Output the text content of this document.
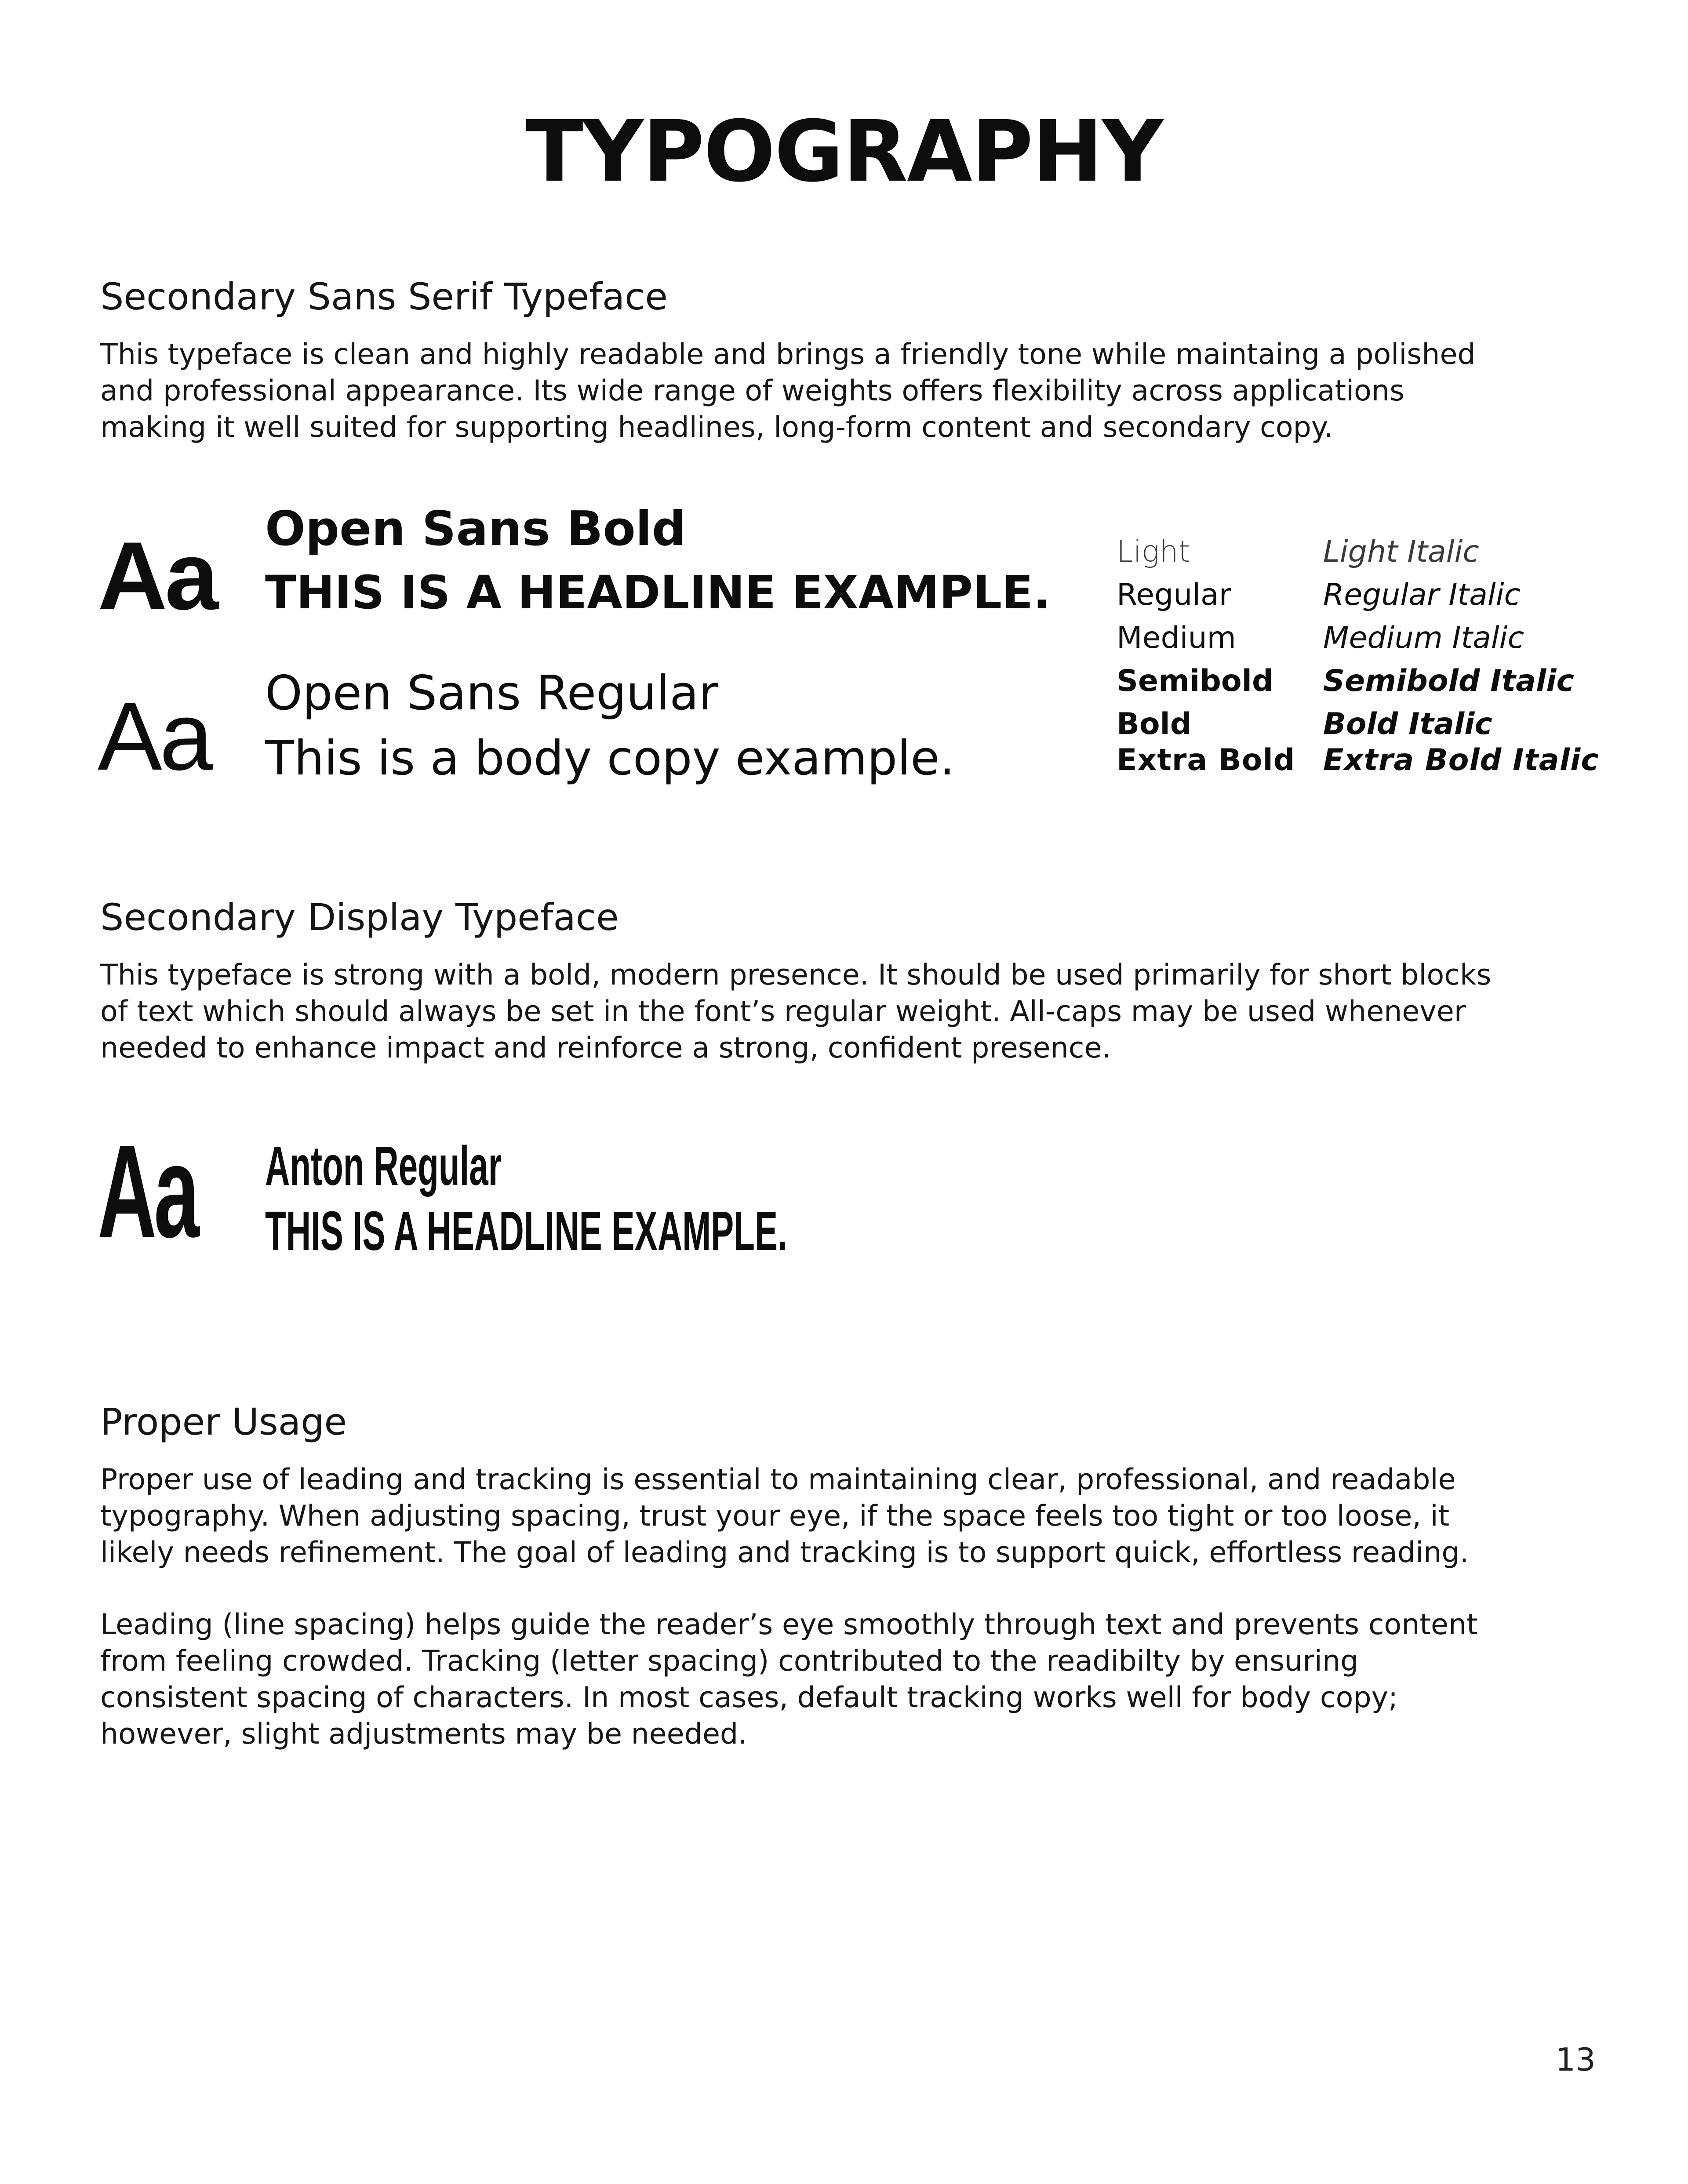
TYPOGRAPHY
Secondary Sans Serif Typeface
This typeface is clean and highly readable and brings a friendly tone while maintaing a polished
and professional appearance. Its wide range of weights offers flexibility across applications
making it well suited for supporting headlines, long-form content and secondary copy.
Aa Open Sans Bold
THIS IS A HEADLINE EXAMPLE.
Aa Open Sans Regular
This is a body copy example.
Light
Regular
Medium
Semibold
Bold
Extra Bold
Light Italic
Regular Italic
Medium Italic
Semibold Italic
Bold Italic
Extra Bold Italic
Secondary Display Typeface
This typeface is strong with a bold, modern presence. It should be used primarily for short blocks
of text which should always be set in the font’s regular weight. All-caps may be used whenever
needed to enhance impact and reinforce a strong, confident presence.
Aa Anton Regular
THIS IS A HEADLINE EXAMPLE.
Proper Usage
Proper use of leading and tracking is essential to maintaining clear, professional, and readable
typography. When adjusting spacing, trust your eye, if the space feels too tight or too loose, it
likely needs refinement. The goal of leading and tracking is to support quick, effortless reading.
Leading (line spacing) helps guide the reader’s eye smoothly through text and prevents content
from feeling crowded. Tracking (letter spacing) contributed to the readibilty by ensuring
consistent spacing of characters. In most cases, default tracking works well for body copy;
however, slight adjustments may be needed.
13
